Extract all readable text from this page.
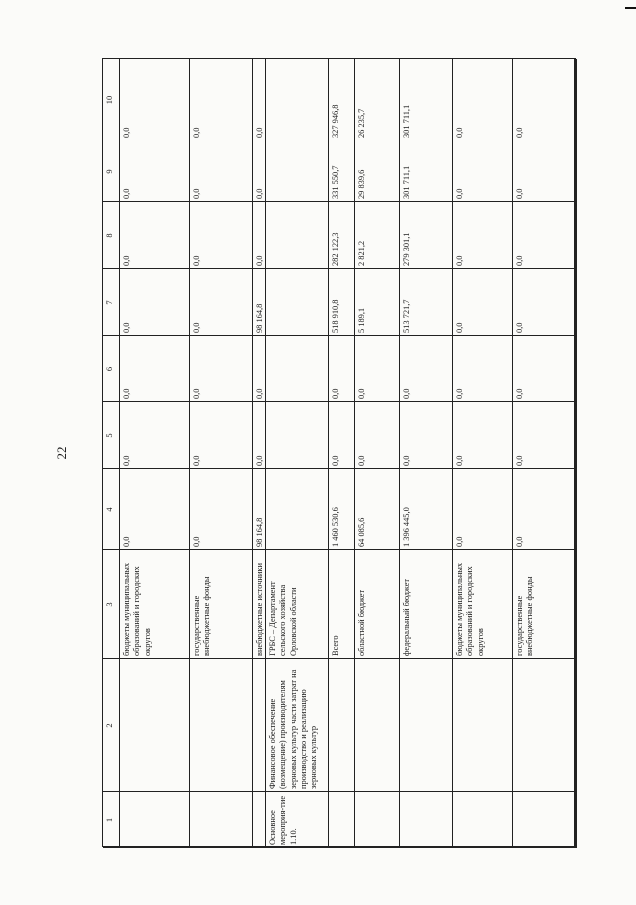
22
1
2
3
4
5
6
7
8
9
10
бюджеты муниципальных образований и городских округов
0,0
0,0
0,0
0,0
0,0
0,0
0,0
государственные внебюджетные фонды
0,0
0,0
0,0
0,0
0,0
0,0
0,0
внебюджетные источники
98 164,8
0,0
0,0
98 164,8
0,0
0,0
0,0
Основное мероприя-тие 1.10.
Финансовое обеспечение (возмещение) производителям зерновых культур части затрат на производство и реализацию зерновых культур
ГРБС – Департамент сельского хозяйства Орловской области	Всего
1 460 530,6
0,0
0,0
518 910,8
282 122,3
331 550,7
327 946,8
областной бюджет
64 085,6
0,0
0,0
5 189,1
2 821,2
29 839,6
26 235,7
федеральный бюджет
1 396 445,0
0,0
0,0
513 721,7
279 301,1
301 711,1
301 711,1
бюджеты муниципальных образований и городских округов
0,0
0,0
0,0
0,0
0,0
0,0
0,0
государственные внебюджетные фонды
0,0
0,0
0,0
0,0
0,0
0,0
0,0
